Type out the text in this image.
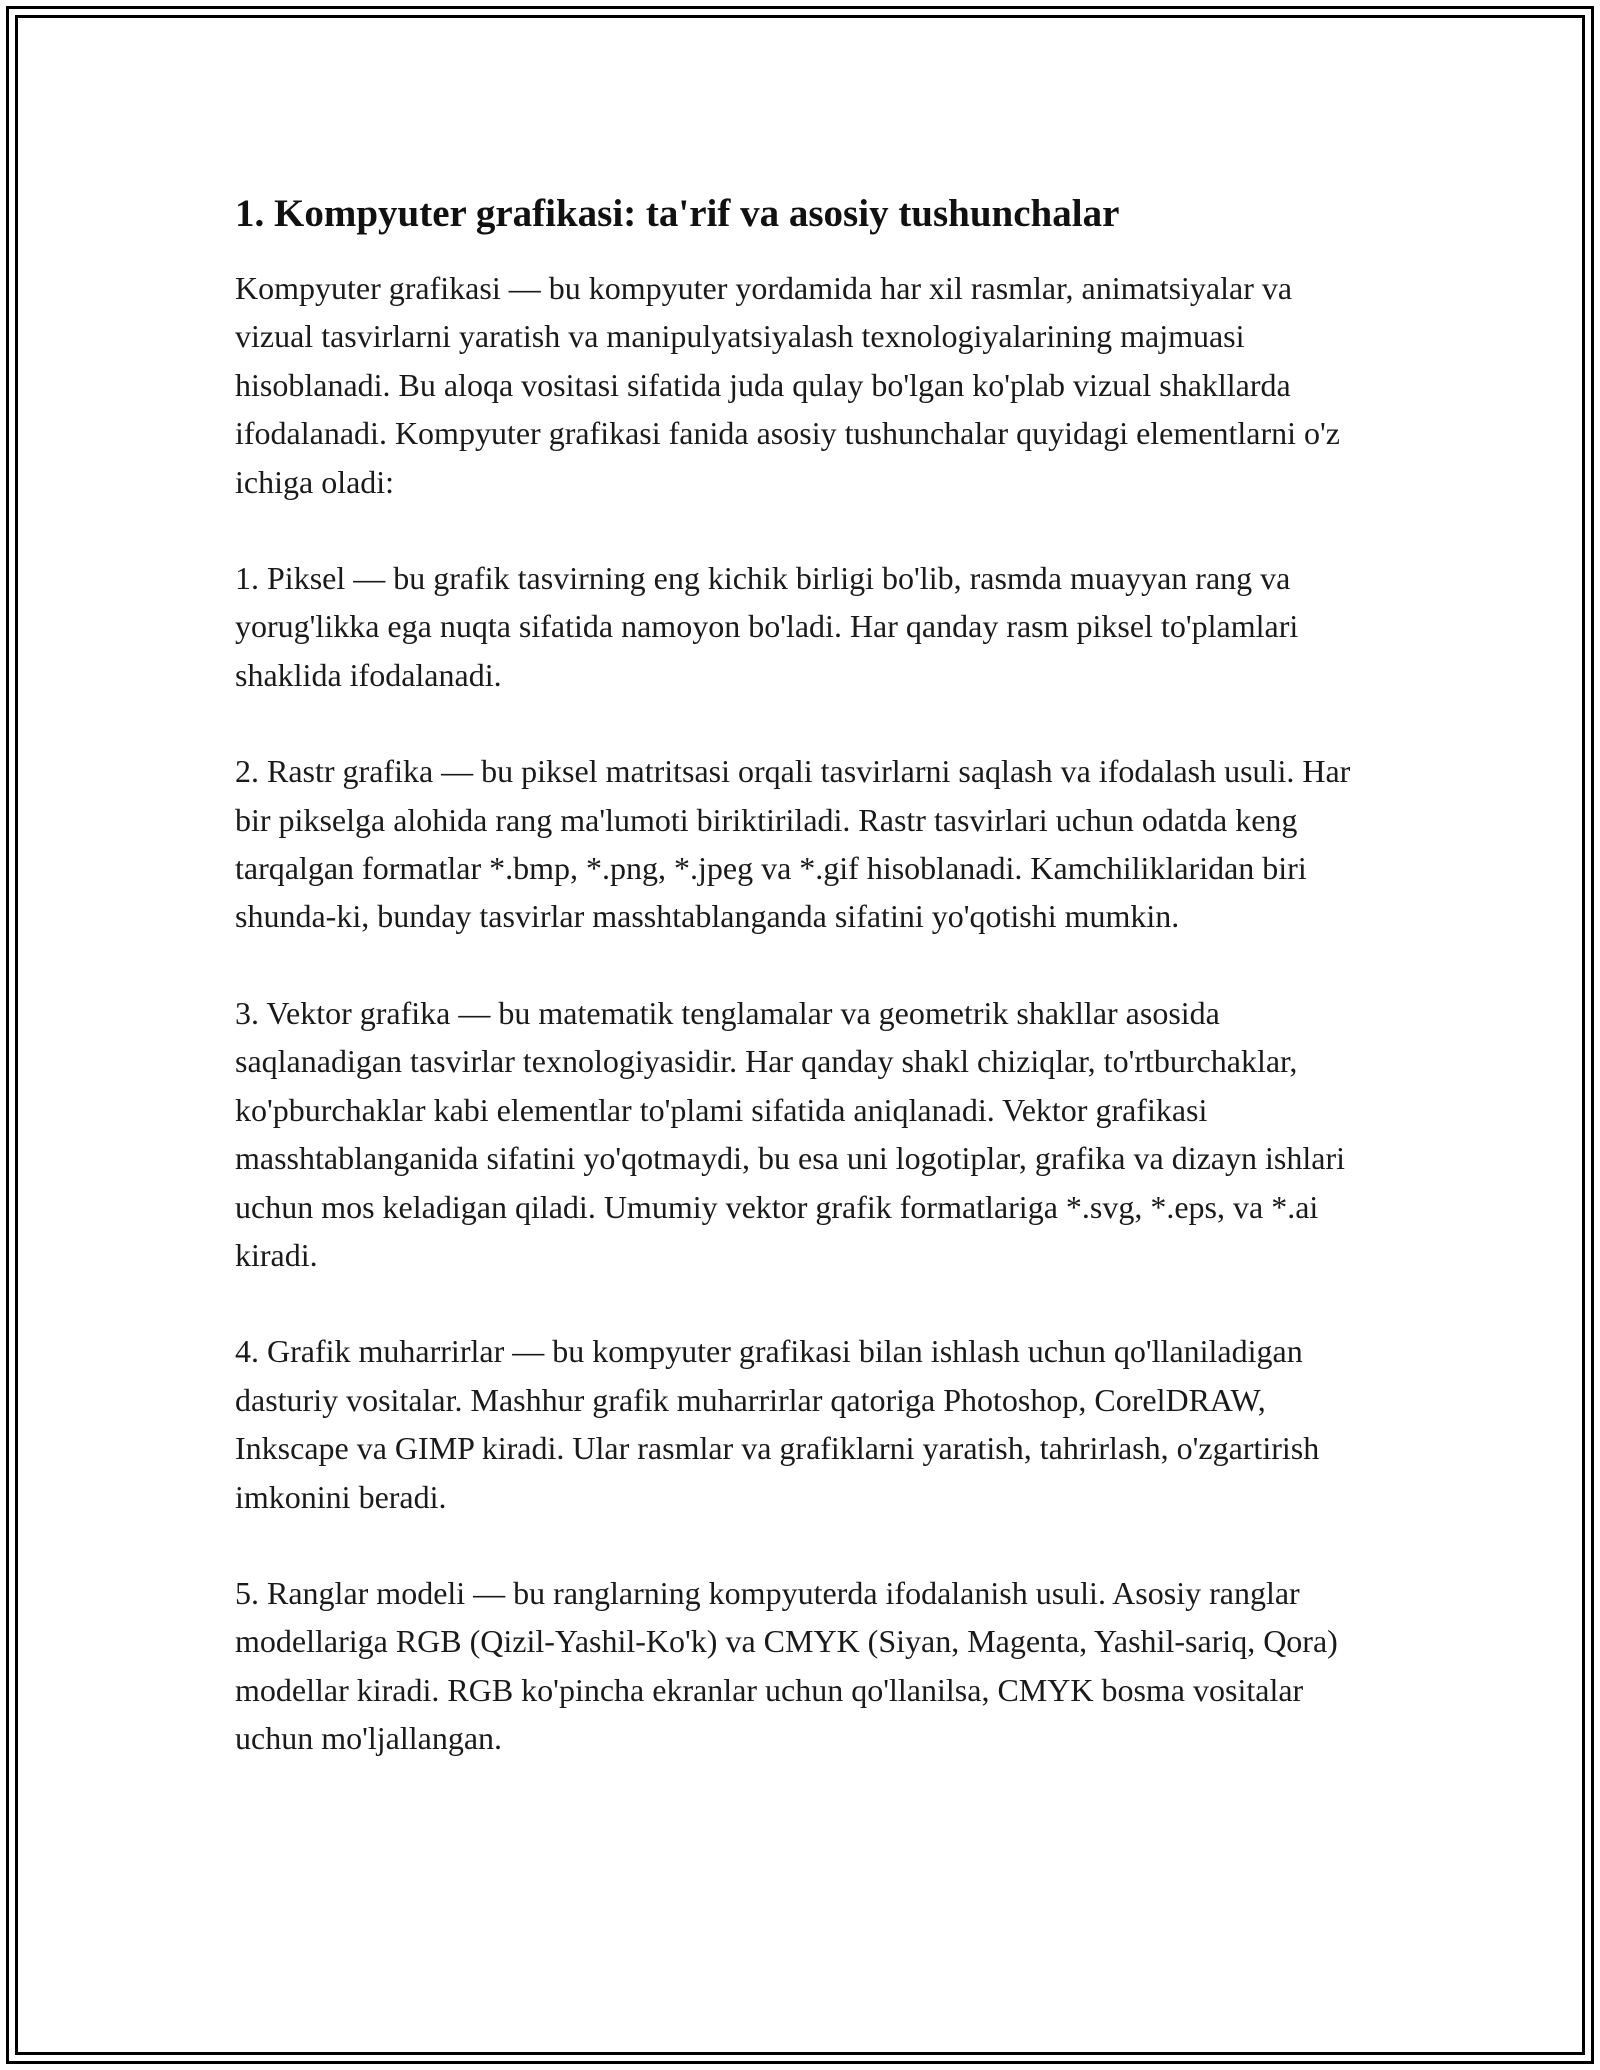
1. Kompyuter grafikasi: ta'rif va asosiy tushunchalar

Kompyuter grafikasi — bu kompyuter yordamida har xil rasmlar, animatsiyalar va vizual tasvirlarni yaratish va manipulyatsiyalash texnologiyalarining majmuasi hisoblanadi. Bu aloqa vositasi sifatida juda qulay bo'lgan ko'plab vizual shakllarda ifodalanadi. Kompyuter grafikasi fanida asosiy tushunchalar quyidagi elementlarni o'z ichiga oladi:

1. Piksel — bu grafik tasvirning eng kichik birligi bo'lib, rasmda muayyan rang va yorug'likka ega nuqta sifatida namoyon bo'ladi. Har qanday rasm piksel to'plamlari shaklida ifodalanadi.

2. Rastr grafika — bu piksel matritsasi orqali tasvirlarni saqlash va ifodalash usuli. Har bir pikselga alohida rang ma'lumoti biriktiriladi. Rastr tasvirlari uchun odatda keng tarqalgan formatlar *.bmp, *.png, *.jpeg va *.gif hisoblanadi. Kamchiliklaridan biri shunda-ki, bunday tasvirlar masshtablanganda sifatini yo'qotishi mumkin.

3. Vektor grafika — bu matematik tenglamalar va geometrik shakllar asosida saqlanadigan tasvirlar texnologiyasidir. Har qanday shakl chiziqlar, to'rtburchaklar, ko'pburchaklar kabi elementlar to'plami sifatida aniqlanadi. Vektor grafikasi masshtablanganida sifatini yo'qotmaydi, bu esa uni logotiplar, grafika va dizayn ishlari uchun mos keladigan qiladi. Umumiy vektor grafik formatlariga *.svg, *.eps, va *.ai kiradi.

4. Grafik muharrirlar — bu kompyuter grafikasi bilan ishlash uchun qo'llaniladigan dasturiy vositalar. Mashhur grafik muharrirlar qatoriga Photoshop, CorelDRAW, Inkscape va GIMP kiradi. Ular rasmlar va grafiklarni yaratish, tahrirlash, o'zgartirish imkonini beradi.

5. Ranglar modeli — bu ranglarning kompyuterda ifodalanish usuli. Asosiy ranglar modellariga RGB (Qizil-Yashil-Ko'k) va CMYK (Siyan, Magenta, Yashil-sariq, Qora) modellar kiradi. RGB ko'pincha ekranlar uchun qo'llanilsa, CMYK bosma vositalar uchun mo'ljallangan.
